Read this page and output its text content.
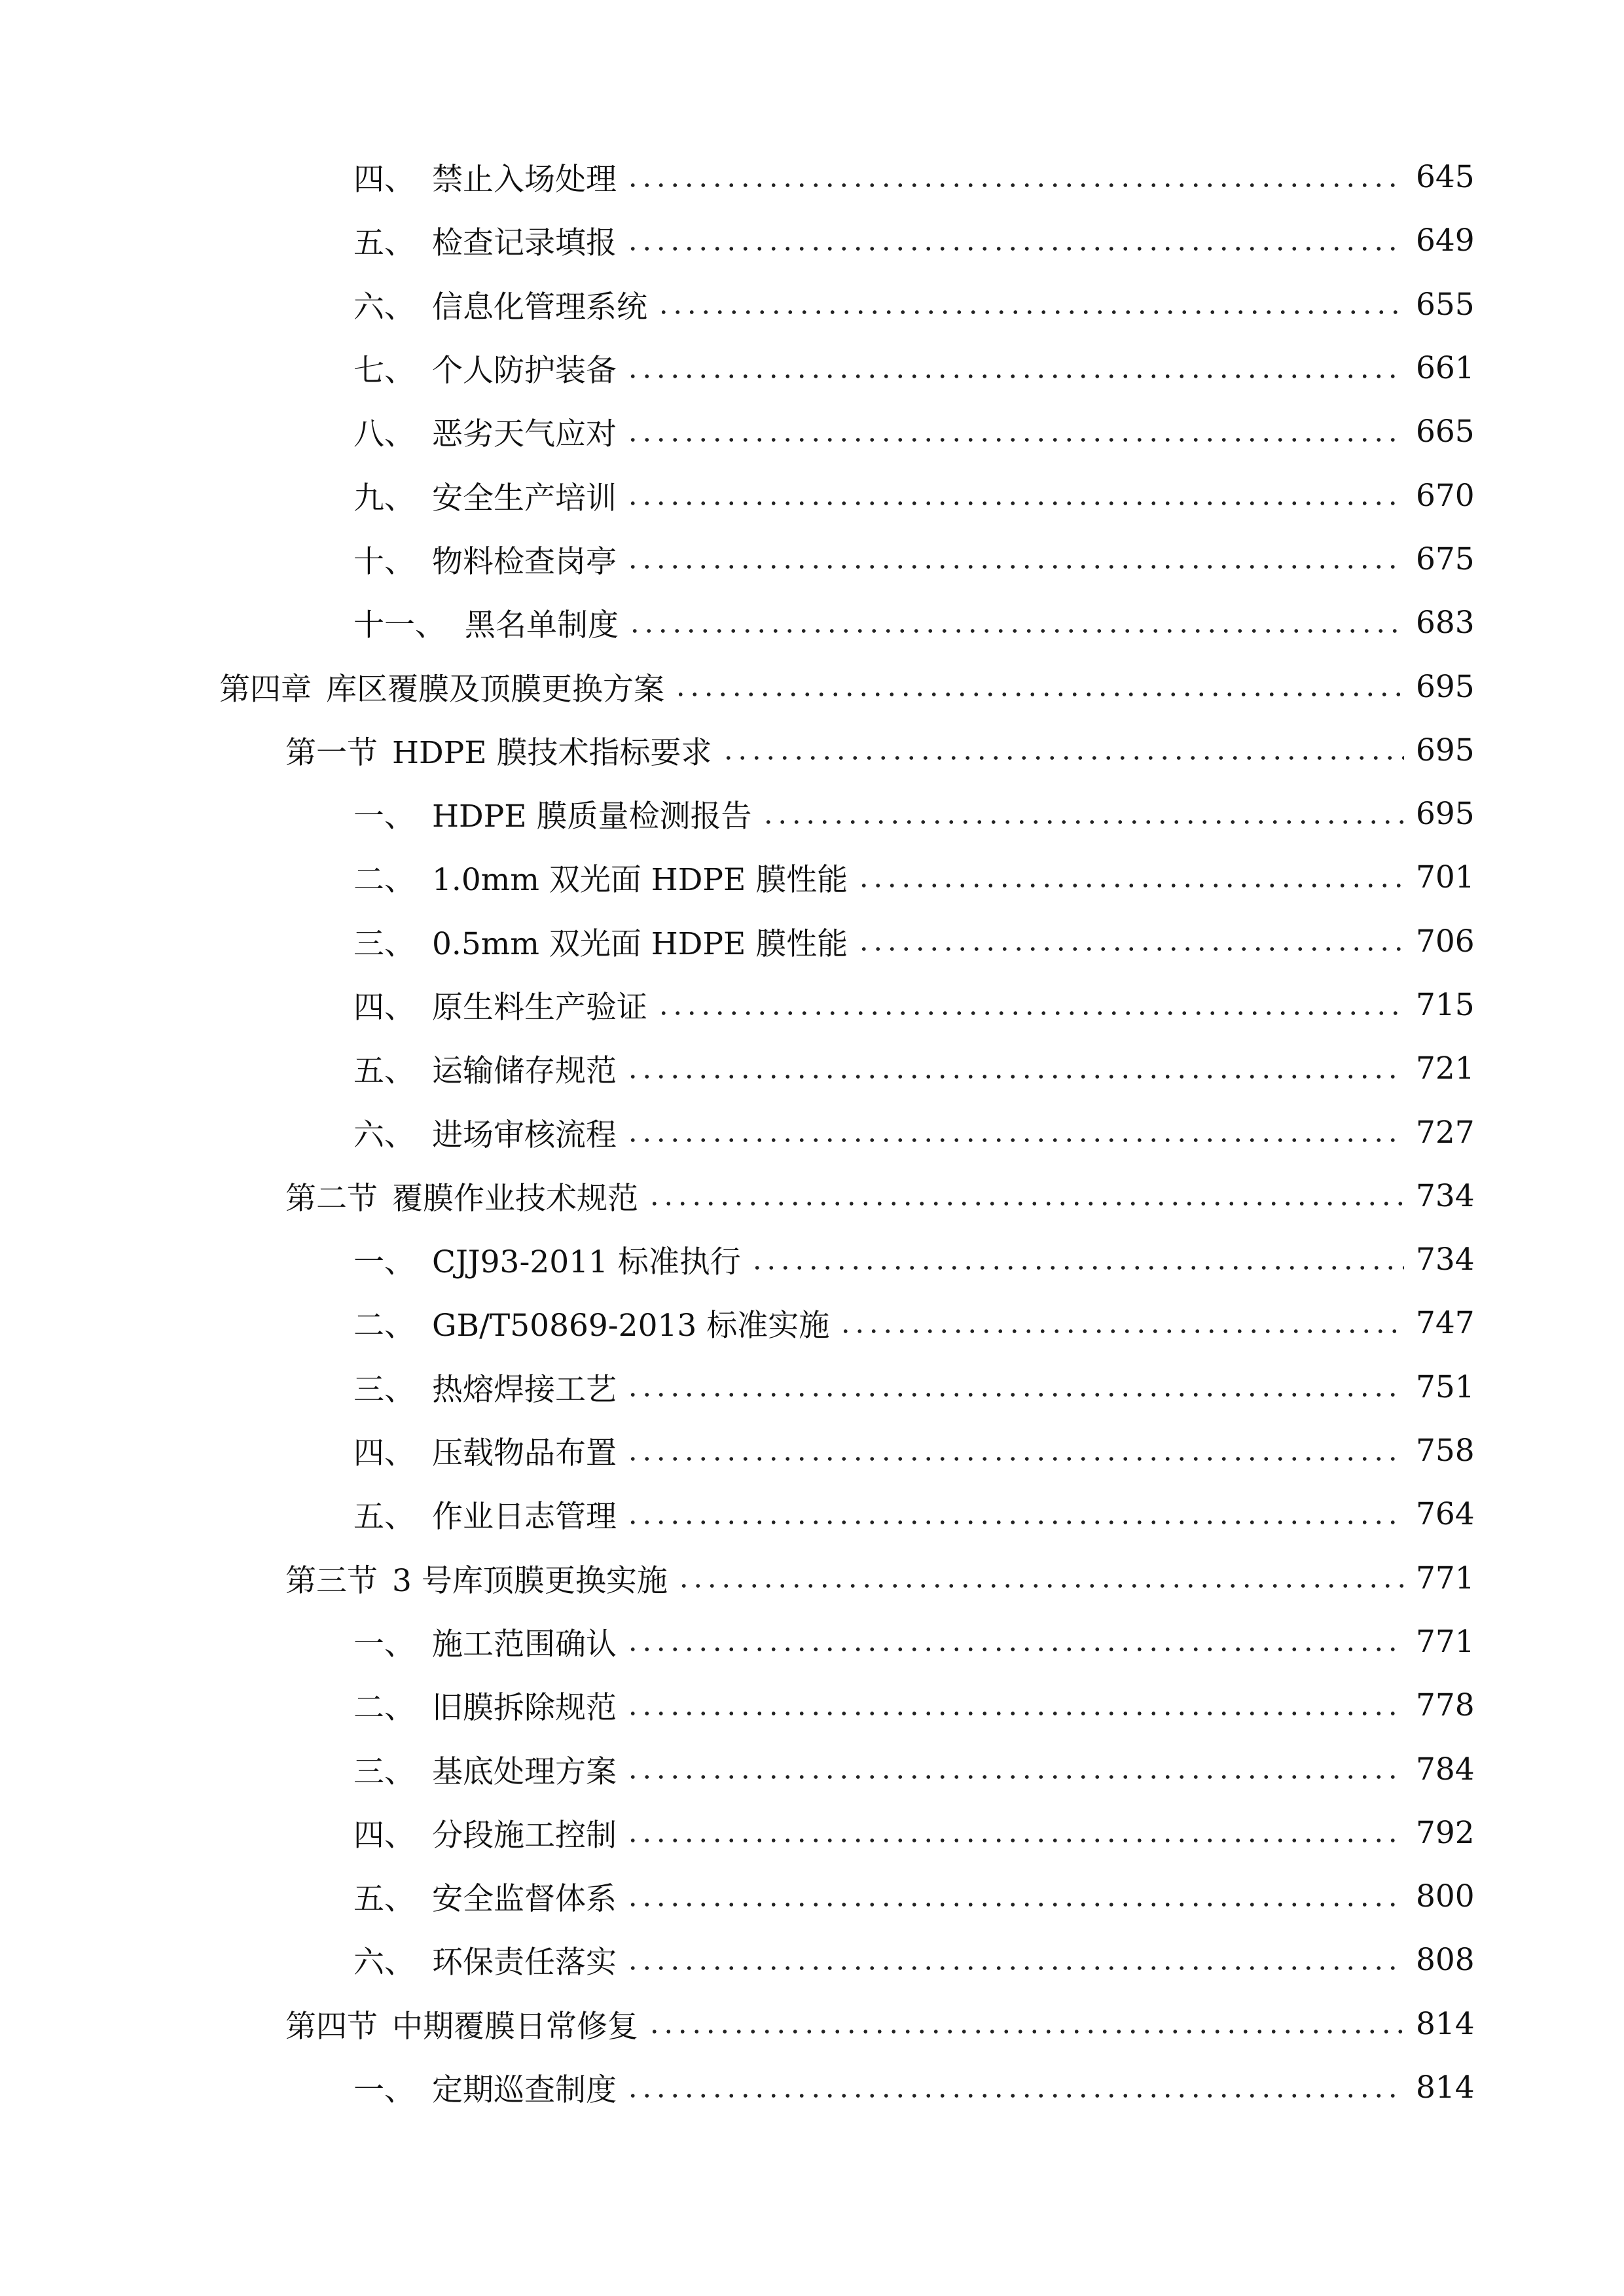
四、 禁止入场处理	645
五、 检查记录填报	649
六、 信息化管理系统	655
七、 个人防护装备	661
八、 恶劣天气应对	665
九、 安全生产培训	670
十、 物料检查岗亭	675
十一、 黑名单制度	683
第四章 库区覆膜及顶膜更换方案	695
第一节 HDPE 膜技术指标要求	695
一、 HDPE 膜质量检测报告	695
二、 1.0mm 双光面 HDPE 膜性能	701
三、 0.5mm 双光面 HDPE 膜性能	706
四、 原生料生产验证	715
五、 运输储存规范	721
六、 进场审核流程	727
第二节 覆膜作业技术规范	734
一、 CJJ93-2011 标准执行	734
二、 GB/T50869-2013 标准实施	747
三、 热熔焊接工艺	751
四、 压载物品布置	758
五、 作业日志管理	764
第三节 3 号库顶膜更换实施	771
一、 施工范围确认	771
二、 旧膜拆除规范	778
三、 基底处理方案	784
四、 分段施工控制	792
五、 安全监督体系	800
六、 环保责任落实	808
第四节 中期覆膜日常修复	814
一、 定期巡查制度	814
